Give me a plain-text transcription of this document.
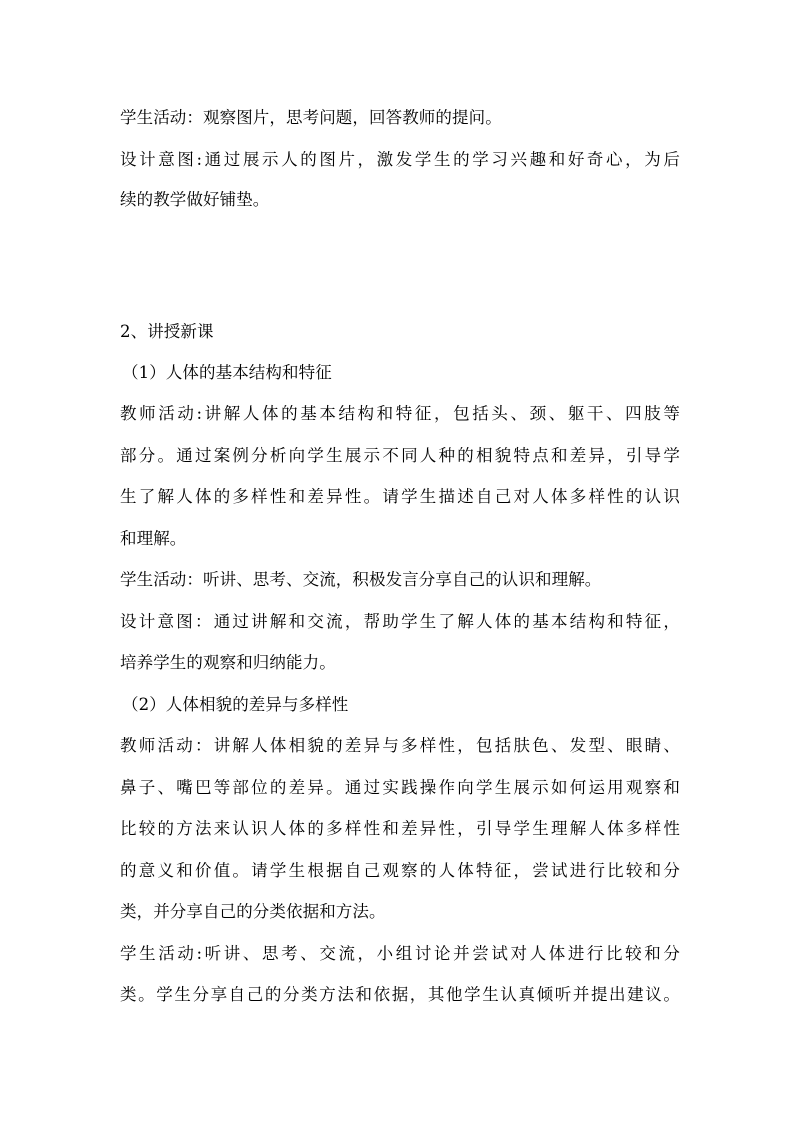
学生活动：观察图片，思考问题，回答教师的提问。
设计意图:通过展示人的图片，激发学生的学习兴趣和好奇心，为后
续的教学做好铺垫。
2、讲授新课
（1）人体的基本结构和特征
教师活动:讲解人体的基本结构和特征，包括头、颈、躯干、四肢等
部分。通过案例分析向学生展示不同人种的相貌特点和差异，引导学
生了解人体的多样性和差异性。请学生描述自己对人体多样性的认识
和理解。
学生活动：听讲、思考、交流，积极发言分享自己的认识和理解。
设计意图：通过讲解和交流，帮助学生了解人体的基本结构和特征，
培养学生的观察和归纳能力。
（2）人体相貌的差异与多样性
教师活动：讲解人体相貌的差异与多样性，包括肤色、发型、眼睛、
鼻子、嘴巴等部位的差异。通过实践操作向学生展示如何运用观察和
比较的方法来认识人体的多样性和差异性，引导学生理解人体多样性
的意义和价值。请学生根据自己观察的人体特征，尝试进行比较和分
类，并分享自己的分类依据和方法。
学生活动:听讲、思考、交流，小组讨论并尝试对人体进行比较和分
类。学生分享自己的分类方法和依据，其他学生认真倾听并提出建议。
